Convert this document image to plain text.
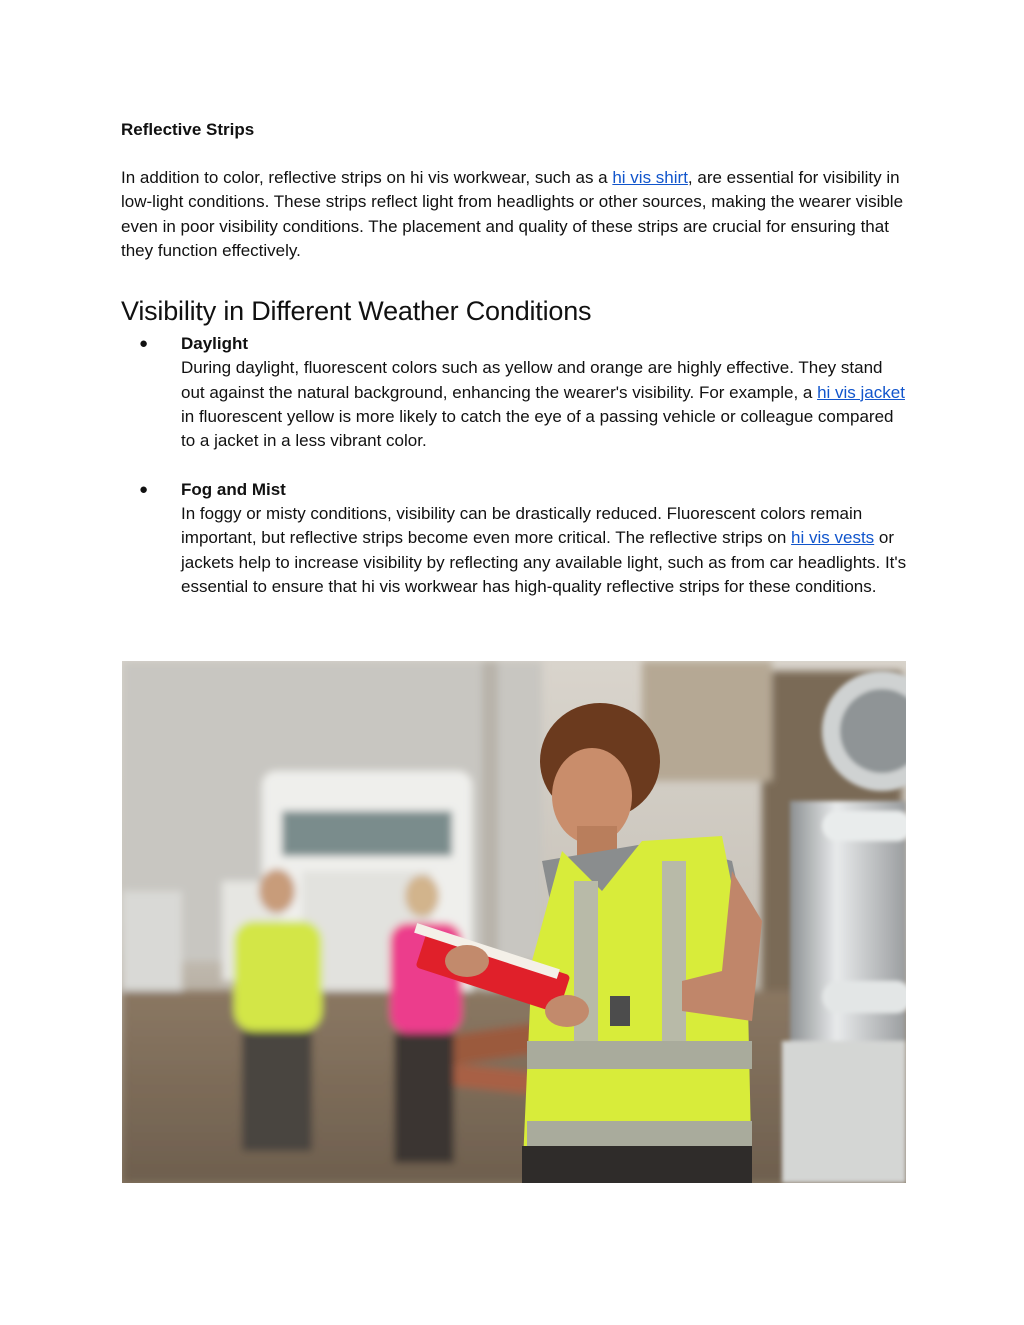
Reflective Strips

In addition to color, reflective strips on hi vis workwear, such as a hi vis shirt, are essential for visibility in low-light conditions. These strips reflect light from headlights or other sources, making the wearer visible even in poor visibility conditions. The placement and quality of these strips are crucial for ensuring that they function effectively.

Visibility in Different Weather Conditions
● Daylight
During daylight, fluorescent colors such as yellow and orange are highly effective. They stand out against the natural background, enhancing the wearer's visibility. For example, a hi vis jacket in fluorescent yellow is more likely to catch the eye of a passing vehicle or colleague compared to a jacket in a less vibrant color.
● Fog and Mist
In foggy or misty conditions, visibility can be drastically reduced. Fluorescent colors remain important, but reflective strips become even more critical. The reflective strips on hi vis vests or jackets help to increase visibility by reflecting any available light, such as from car headlights. It's essential to ensure that hi vis workwear has high-quality reflective strips for these conditions.
